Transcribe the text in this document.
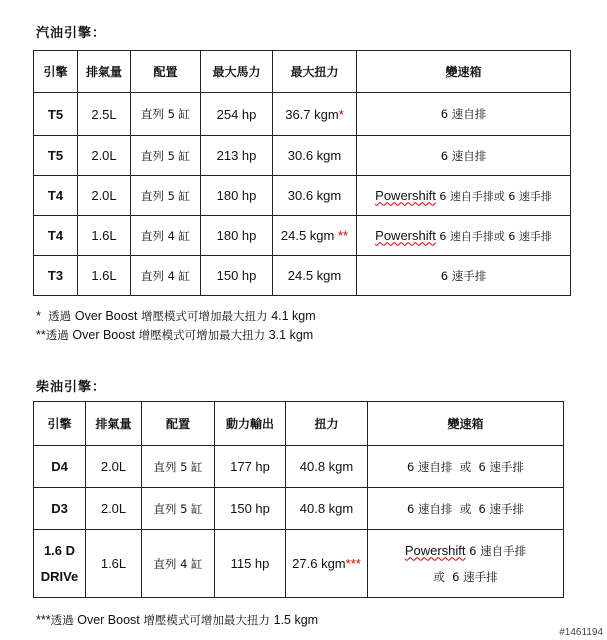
汽油引擎：
引擎	排氣量	配置	最大馬力	最大扭力	變速箱
T5	2.5L	直列 5 缸	254 hp	36.7 kgm*	6 速自排
T5	2.0L	直列 5 缸	213 hp	30.6 kgm	6 速自排
T4	2.0L	直列 5 缸	180 hp	30.6 kgm	Powershift 6 速自手排或 6 速手排
T4	1.6L	直列 4 缸	180 hp	24.5 kgm **	Powershift 6 速自手排或 6 速手排
T3	1.6L	直列 4 缸	150 hp	24.5 kgm	6 速手排
*  透過 Over Boost 增壓模式可增加最大扭力 4.1 kgm
**透過 Over Boost 增壓模式可增加最大扭力 3.1 kgm
柴油引擎：
引擎	排氣量	配置	動力輸出	扭力	變速箱
D4	2.0L	直列 5 缸	177 hp	40.8 kgm	6 速自排  或  6 速手排
D3	2.0L	直列 5 缸	150 hp	40.8 kgm	6 速自排  或  6 速手排
1.6 D
DRIVe	1.6L	直列 4 缸	115 hp	27.6 kgm***	Powershift 6 速自手排
或  6 速手排
***透過 Over Boost 增壓模式可增加最大扭力 1.5 kgm
#1461194
